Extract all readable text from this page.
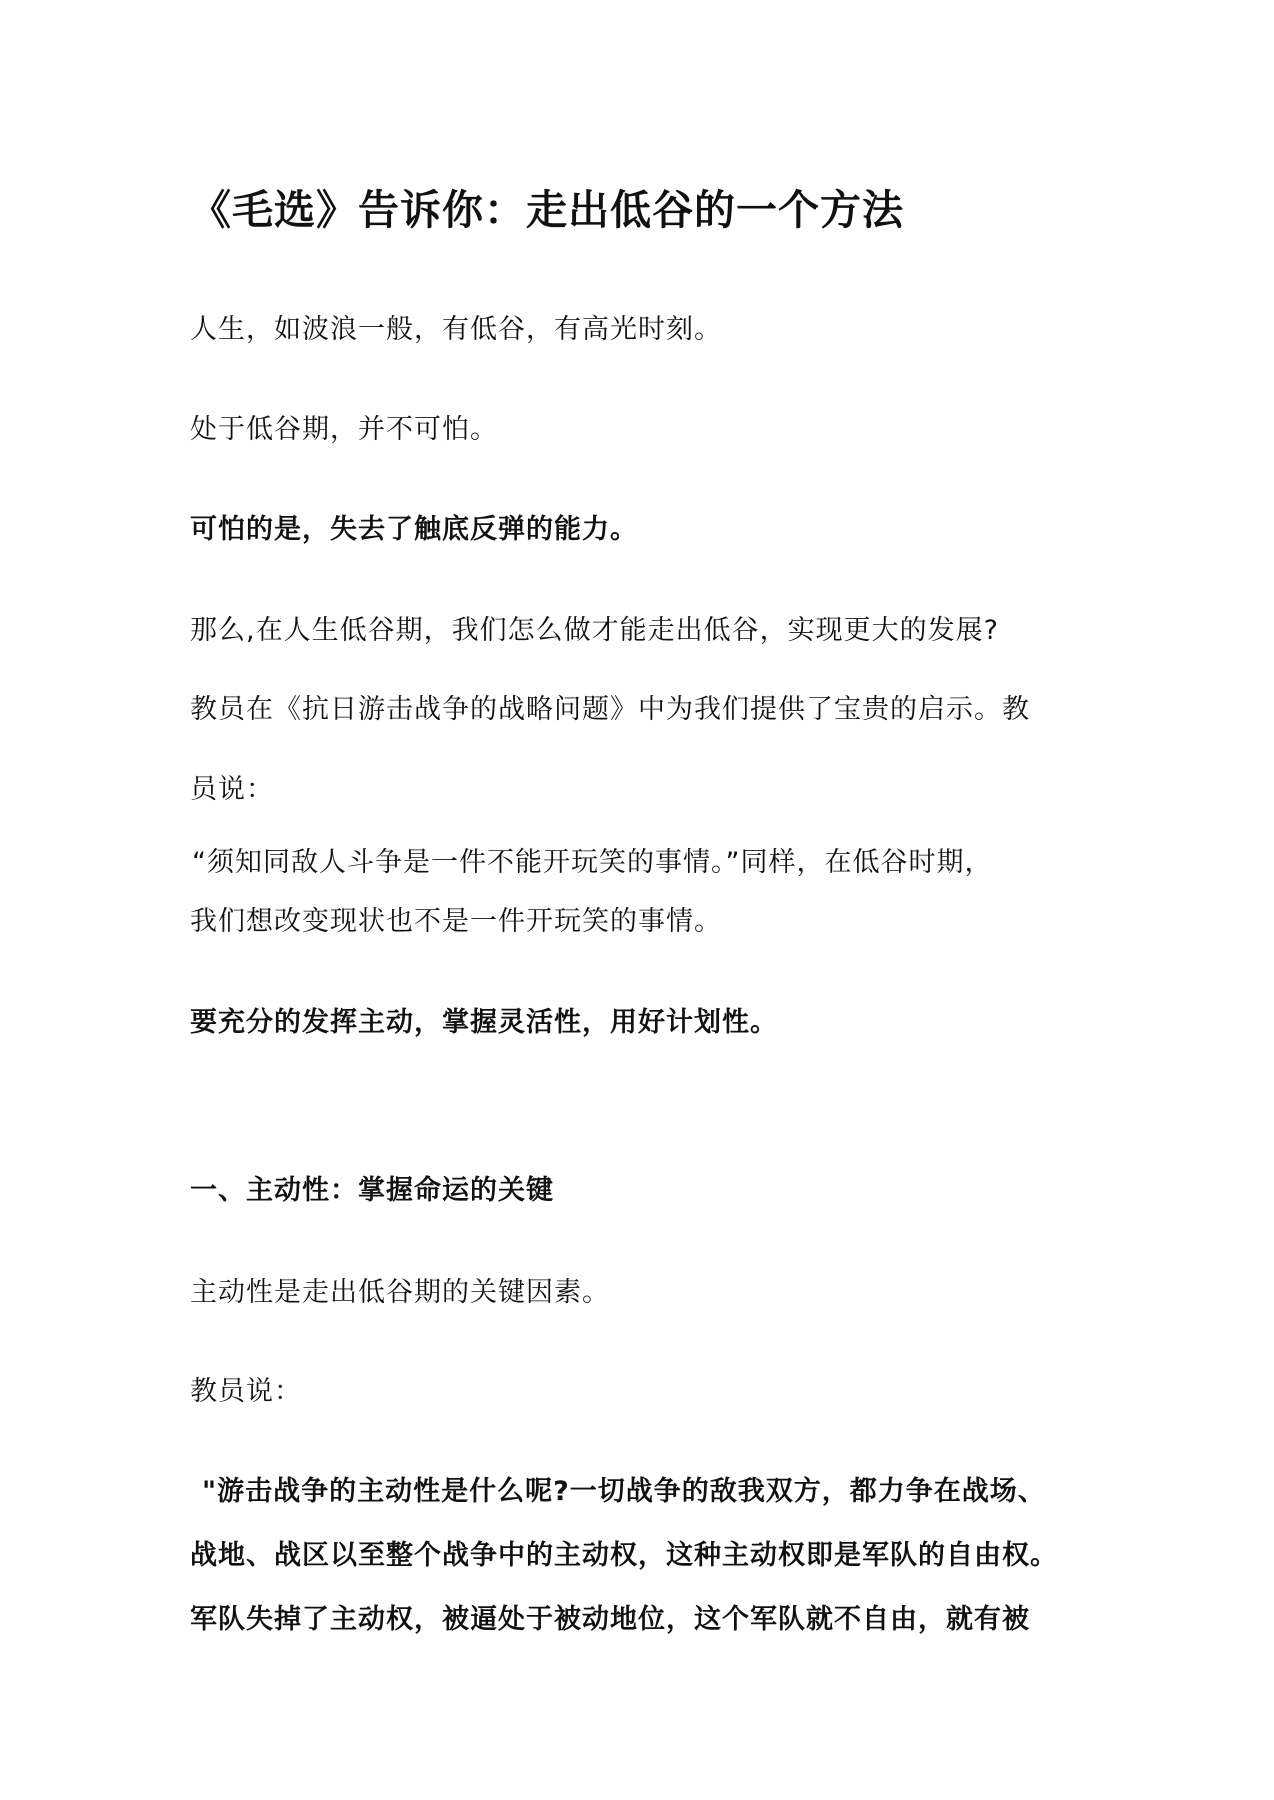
《毛选》告诉你：走出低谷的一个方法
人生，如波浪一般，有低谷，有高光时刻。
处于低谷期，并不可怕。
可怕的是，失去了触底反弹的能力。
那么,在人生低谷期，我们怎么做才能走出低谷，实现更大的发展?
教员在《抗日游击战争的战略问题》中为我们提供了宝贵的启示。教
员说：
“须知同敌人斗争是一件不能开玩笑的事情。”同样，在低谷时期，
我们想改变现状也不是一件开玩笑的事情。
要充分的发挥主动，掌握灵活性，用好计划性。
一、主动性：掌握命运的关键
主动性是走出低谷期的关键因素。
教员说：
"游击战争的主动性是什么呢?一切战争的敌我双方，都力争在战场、
战地、战区以至整个战争中的主动权，这种主动权即是军队的自由权。
军队失掉了主动权，被逼处于被动地位，这个军队就不自由，就有被
